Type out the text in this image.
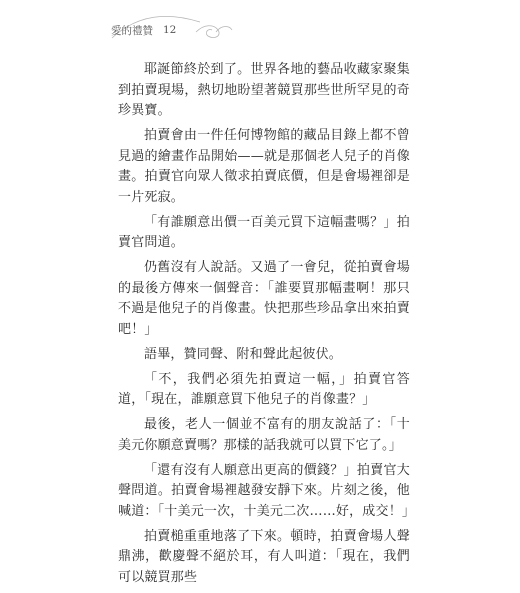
愛的禮贊 12

耶誕節終於到了。世界各地的藝品收藏家聚集到拍賣現場，熱切地盼望著競買那些世所罕見的奇珍異寶。

拍賣會由一件任何博物館的藏品目錄上都不曾見過的繪畫作品開始——就是那個老人兒子的肖像畫。拍賣官向眾人徵求拍賣底價，但是會場裡卻是一片死寂。

「有誰願意出價一百美元買下這幅畫嗎？」拍賣官問道。

仍舊沒有人說話。又過了一會兒，從拍賣會場的最後方傳來一個聲音：「誰要買那幅畫啊！那只不過是他兒子的肖像畫。快把那些珍品拿出來拍賣吧！」

語畢，贊同聲、附和聲此起彼伏。

「不，我們必須先拍賣這一幅，」拍賣官答道，「現在，誰願意買下他兒子的肖像畫？」

最後，老人一個並不富有的朋友說話了：「十美元你願意賣嗎？那樣的話我就可以買下它了。」

「還有沒有人願意出更高的價錢？」拍賣官大聲問道。拍賣會場裡越發安靜下來。片刻之後，他喊道：「十美元一次，十美元二次……好，成交！」

拍賣槌重重地落了下來。頓時，拍賣會場人聲鼎沸，歡慶聲不絕於耳，有人叫道：「現在，我們可以競買那些
